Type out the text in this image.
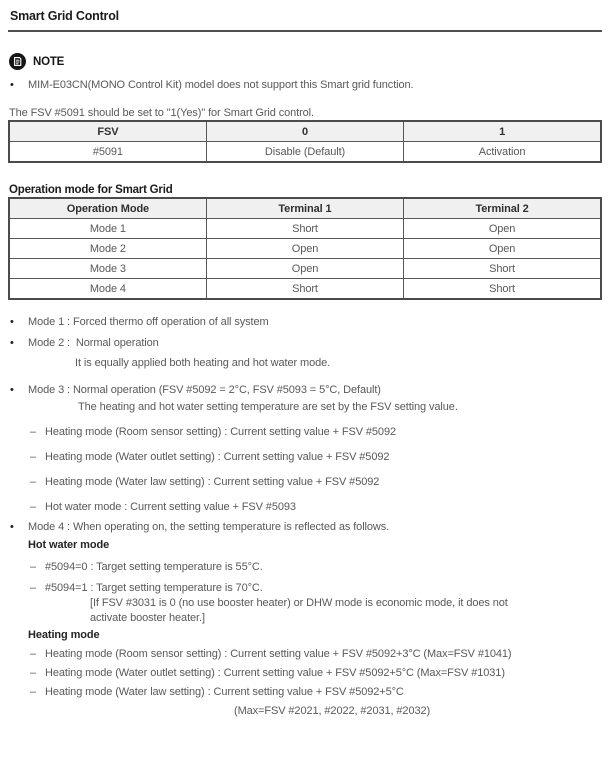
Smart Grid Control
NOTE
•	MIM-E03CN(MONO Control Kit) model does not support this Smart grid function.
The FSV #5091 should be set to "1(Yes)" for Smart Grid control.
FSV	0	1
#5091	Disable (Default)	Activation
Operation mode for Smart Grid
Operation Mode	Terminal 1	Terminal 2
Mode 1	Short	Open
Mode 2	Open	Open
Mode 3	Open	Short
Mode 4	Short	Short
•	Mode 1 : Forced thermo off operation of all system
•	Mode 2 :  Normal operation
It is equally applied both heating and hot water mode.
•	Mode 3 : Normal operation (FSV #5092 = 2°C, FSV #5093 = 5°C, Default)
The heating and hot water setting temperature are set by the FSV setting value.
– Heating mode (Room sensor setting) : Current setting value + FSV #5092
– Heating mode (Water outlet setting) : Current setting value + FSV #5092
– Heating mode (Water law setting) : Current setting value + FSV #5092
– Hot water mode : Current setting value + FSV #5093
•	Mode 4 : When operating on, the setting temperature is reflected as follows.
Hot water mode
– #5094=0 : Target setting temperature is 55°C.
– #5094=1 : Target setting temperature is 70°C.
[If FSV #3031 is 0 (no use booster heater) or DHW mode is economic mode, it does not
activate booster heater.]
Heating mode
– Heating mode (Room sensor setting) : Current setting value + FSV #5092+3°C (Max=FSV #1041)
– Heating mode (Water outlet setting) : Current setting value + FSV #5092+5°C (Max=FSV #1031)
– Heating mode (Water law setting) : Current setting value + FSV #5092+5°C
(Max=FSV #2021, #2022, #2031, #2032)
